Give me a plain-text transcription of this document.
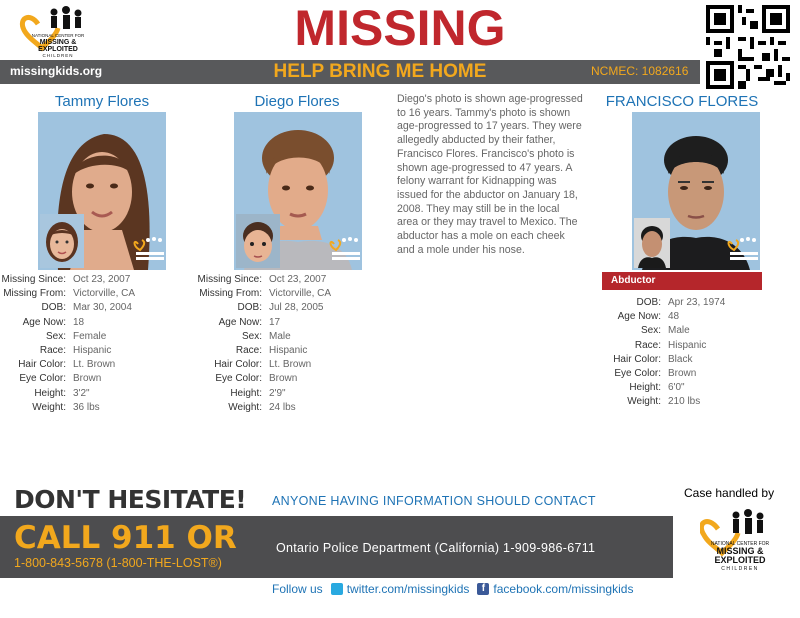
NATIONAL CENTER FOR
MISSING &
EXPLOITED
CHILDREN	MISSING
missingkids.org	HELP BRING ME HOME	NCMEC: 1082616
Tammy Flores
Missing Since: Oct 23, 2007
Missing From: Victorville, CA
DOB: Mar 30, 2004
Age Now: 18
Sex: Female
Race: Hispanic
Hair Color: Lt. Brown
Eye Color: Brown
Height: 3'2"
Weight: 36 lbs
Diego Flores
Missing Since: Oct 23, 2007
Missing From: Victorville, CA
DOB: Jul 28, 2005
Age Now: 17
Sex: Male
Race: Hispanic
Hair Color: Lt. Brown
Eye Color: Brown
Height: 2'9"
Weight: 24 lbs
Diego's photo is shown age-progressed to 16 years. Tammy's photo is shown age-progressed to 17 years. They were allegedly abducted by their father, Francisco Flores. Francisco's photo is shown age-progressed to 47 years. A felony warrant for Kidnapping was issued for the abductor on January 18, 2008. They may still be in the local area or they may travel to Mexico. The abductor has a mole on each cheek and a mole under his nose.
FRANCISCO FLORES
Abductor
DOB: Apr 23, 1974
Age Now: 48
Sex: Male
Race: Hispanic
Hair Color: Black
Eye Color: Brown
Height: 6'0"
Weight: 210 lbs
DON'T HESITATE! ANYONE HAVING INFORMATION SHOULD CONTACT
Case handled by
CALL 911 OR
1-800-843-5678 (1-800-THE-LOST®)
Ontario Police Department (California) 1-909-986-6711	NATIONAL CENTER FOR
MISSING &
EXPLOITED
CHILDREN
Follow us twitter.com/missingkids	f facebook.com/missingkids
